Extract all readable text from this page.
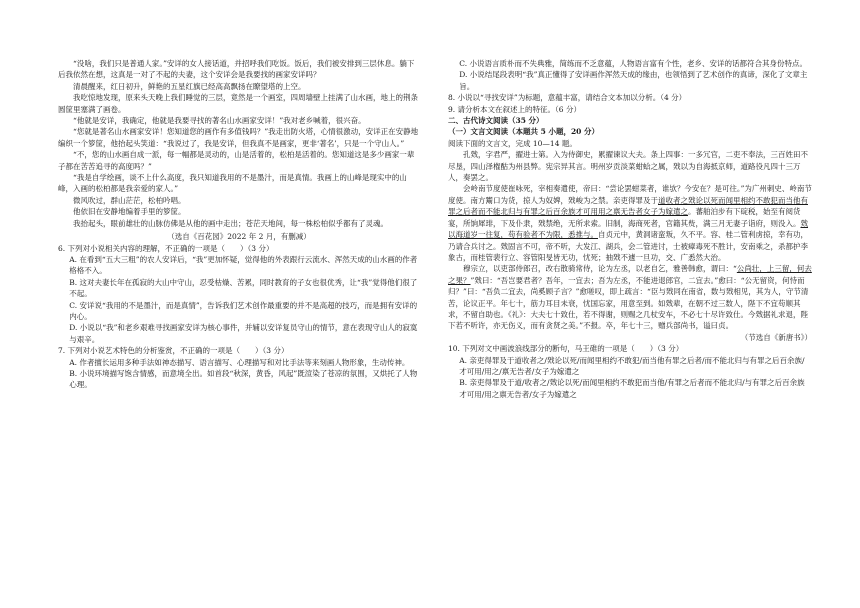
“没啥，我们只是普通人家。”安详的女人接话道，并招呼我们吃饭。饭后，我们被安排到三层休息。躺下后我依然在想，这真是一对了不起的夫妻，这个安详会是我要找的画家安详吗？

清晨醒来，红日初升，鲜艳的五星红旗已经高高飘扬在瞭望塔的上空。

我吃惊地发现，原来头天晚上我们睡觉的三层，竟然是一个画室，四周墙壁上挂满了山水画，地上的荆条圆筐里塞满了画卷。

“他就是安详，我确定，他就是我要寻找的著名山水画家安详！”我对老乡喊着，很兴奋。

“您就是著名山水画家安详！您知道您的画作有多值钱吗？”我走出防火塔，心情很激动，安详正在安静地编织一个箩筐，他抬起头笑道：“我说过了，我是安详，但我真不是画家，更非‘著名’，只是一个守山人。”

“不，您的山水画自成一派，每一幅都是灵动的，山是活着的，松柏是活着的。您知道这是多少画家一辈子都在苦苦追寻的高度吗？”

“我是自学绘画，谈不上什么高度，我只知道我用的不是墨汁，而是真情。我画上的山峰是现实中的山峰，入画的松柏都是我亲爱的家人。”

微风吹过，群山茫茫，松柏吟唱。

他依旧在安静地编着手里的箩筐。

我抬起头，眼前雄壮的山脉仿佛是从他的画中走出；苍茫天地间，每一株松柏似乎都有了灵魂。

（选自《百花园》2022 年 2 月，有删减）

6. 下列对小说相关内容的理解，不正确的一项是（　　）（3 分）

A. 在看到“五大三粗”的农人安详后，“我”更加怀疑，觉得他的外表跟行云流水、浑然天成的山水画的作者格格不入。

B. 这对夫妻长年在孤寂的大山中守山，忍受枯燥、苦累，同时教育的子女也很优秀，让“我”觉得他们很了不起。

C. 安详说“我用的不是墨汁，而是真情”，告诉我们艺术创作最重要的并不是高超的技巧，而是拥有安详的内心。

D. 小说以“我”和老乡艰难寻找画家安详为核心事件，并辅以安详复员守山的情节，意在表现守山人的寂寞与艰辛。

7. 下列对小说艺术特色的分析鉴赏，不正确的一项是（　　）（3 分）

A. 作者擅长运用多种手法如神态描写、语言描写、心理描写和对比手法等来刻画人物形象，生动传神。

B. 小说环境描写饱含情感，而意境全出。如首段“秋深，黄昏，风起”既渲染了苍凉的氛围，又烘托了人物心理。

C. 小说语言质朴而不失典雅，简练而不乏意蕴，人物语言富有个性，老乡、安详的话都符合其身份特点。

D. 小说结尾段表明“我”真正懂得了安详画作浑然天成的缘由，也领悟到了艺术创作的真谛，深化了文章主旨。

8. 小说以“寻找安详”为标题，意蕴丰富，请结合文本加以分析。（4 分）

9. 请分析本文在叙述上的特征。（6 分）

二、古代诗文阅读（35 分）

（一）文言文阅读（本题共 5 小题，20 分）

阅读下面的文言文，完成 10—14 题。

孔戣，字君严，擢进士第。入为侍御史，累擢谏议大夫。条上四事：一多冗官，二吏不奉法，三百姓田不尽垦，四山泽権酤为州县弊。宪宗异其言。明州岁贡淡菜蚶蛤之属，戣以为自海抵京师，道路役凡四十三万人，奏罢之。

会岭南节度使崔咏死，宰相奏遣使，帝曰：“尝论罢蚶菜者，谁欤？今安在？是可往。”为广州刺史、岭南节度使。南方鬻口为货，掠人为奴婢，戣峻为之禁。亲吏得罪及于道收者之戣论以死而闻里相约不敢犯而当他有罪之后者而不能北归与有罪之后百余族才可用用之禀无告者女子为嫁遣之。蕃舶泊步有下碇税，始至有阅货宴，所饷犀琲，下及仆隶，戣禁绝，无所求索。旧制，海商死者，官籍其赀，满三月无妻子诣府，则没入。戣以海道岁一往复，苟有验者不为限，悉推与。自贞元中，黄洞诸蛮叛，久不平。容、桂二管利虏掠，幸有功，乃请合兵讨之。戣固言不可，帝不听，大发江、湖兵，会二管进讨，士被瘴毒死不胜计，安南乘之，杀都护李象古，而桂管裴行立、容管阳旻皆无功，忧死；抽戣不遽一旦功，交、广悉然大治。

穆宗立，以吏部侍郎召，改右散骑常侍，论为左丞，以老自乞，雅善韩愈，谓曰：“公尚壮，上三留，何去之果？”戣曰：“吾岂要君者？吾年，一宜去；吾为左丞，不能进退郎官，二宜去。”愈曰：“公无留资，何恃而归？”曰：“吾负二宜去，尚奚顾子言？”愈嗟叹，即上疏言：“臣与戣同在南省，数与戣相见，其为人，守节清苦，论议正平。年七十，筋力耳目未衰，忧国忘家，用意至到。如戣辈，在朝不过三数人，陛下不宜苟顺其求，不留自助也。《礼》：大夫七十致仕，若不得谢，则赐之几杖安车，不必七十尽许致仕。今戣据礼求退，陛下若不听许，亦无伤义，而有贪贤之美。”不报。卒，年七十三，赠兵部尚书，谥曰贞。

（节选自《新唐书》）

10. 下列对文中画波浪线部分的断句，马王碓的一项是（　　）（3 分）

A. 亲吏得罪及于道收者之/戣论以死/而闻里相约不敢犯/而当他有罪之后者/而不能北归与有罪之后百余族/才可用/用之/禀无告者/女子为嫁遣之

B. 亲吏得罪及于道/收者之/戣论以死/而闻里相约不敢犯而当他/有罪之后者而不能北归/与有罪之后百余族才可用/用之禀无告者/女子为嫁遣之
